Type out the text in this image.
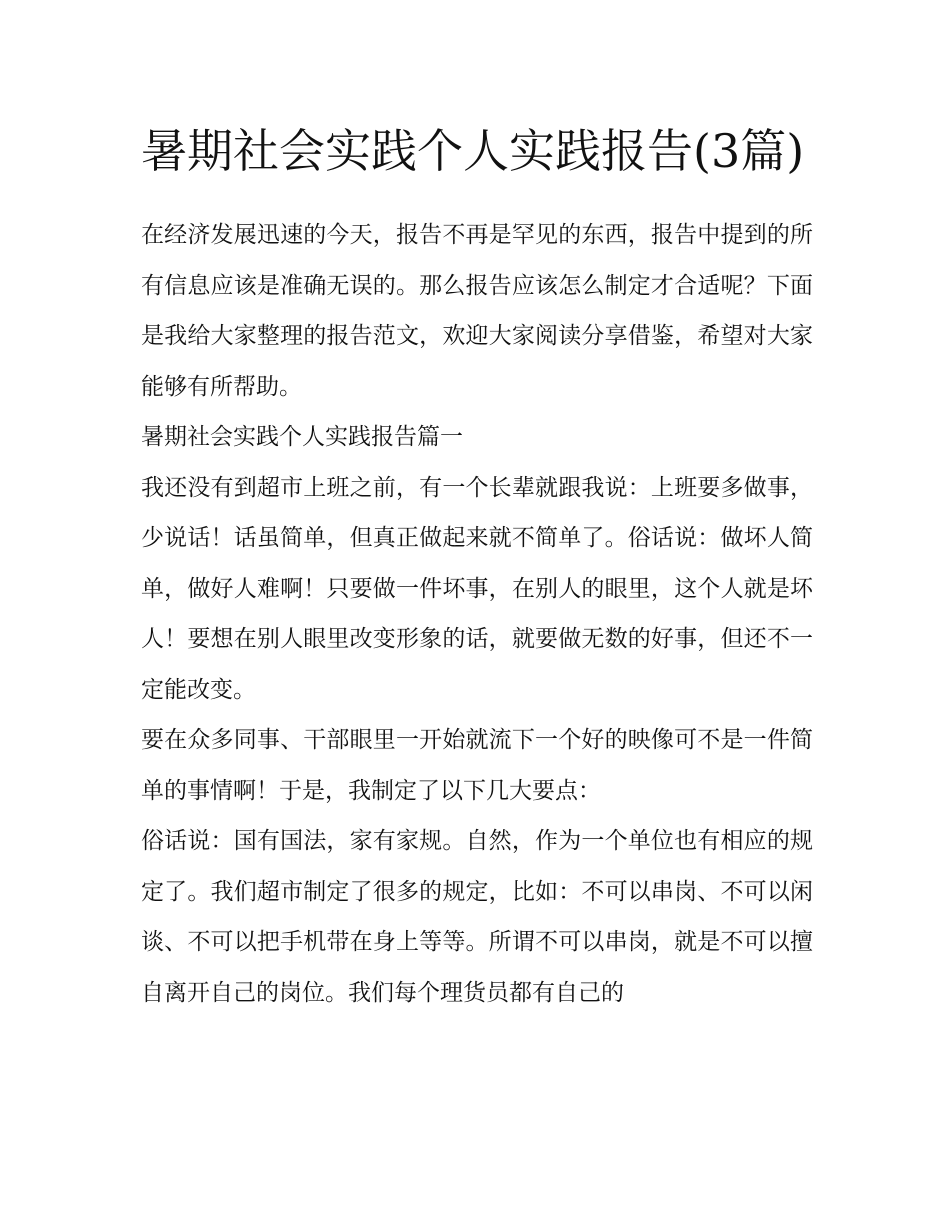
暑期社会实践个人实践报告(3篇)

在经济发展迅速的今天，报告不再是罕见的东西，报告中提到的所有信息应该是准确无误的。那么报告应该怎么制定才合适呢？下面是我给大家整理的报告范文，欢迎大家阅读分享借鉴，希望对大家能够有所帮助。

暑期社会实践个人实践报告篇一

我还没有到超市上班之前，有一个长辈就跟我说：上班要多做事，少说话！话虽简单，但真正做起来就不简单了。俗话说：做坏人简单，做好人难啊！只要做一件坏事，在别人的眼里，这个人就是坏人！要想在别人眼里改变形象的话，就要做无数的好事，但还不一定能改变。

要在众多同事、干部眼里一开始就流下一个好的映像可不是一件简单的事情啊！于是，我制定了以下几大要点：

俗话说：国有国法，家有家规。自然，作为一个单位也有相应的规定了。我们超市制定了很多的规定，比如：不可以串岗、不可以闲谈、不可以把手机带在身上等等。所谓不可以串岗，就是不可以擅自离开自己的岗位。我们每个理货员都有自己的
